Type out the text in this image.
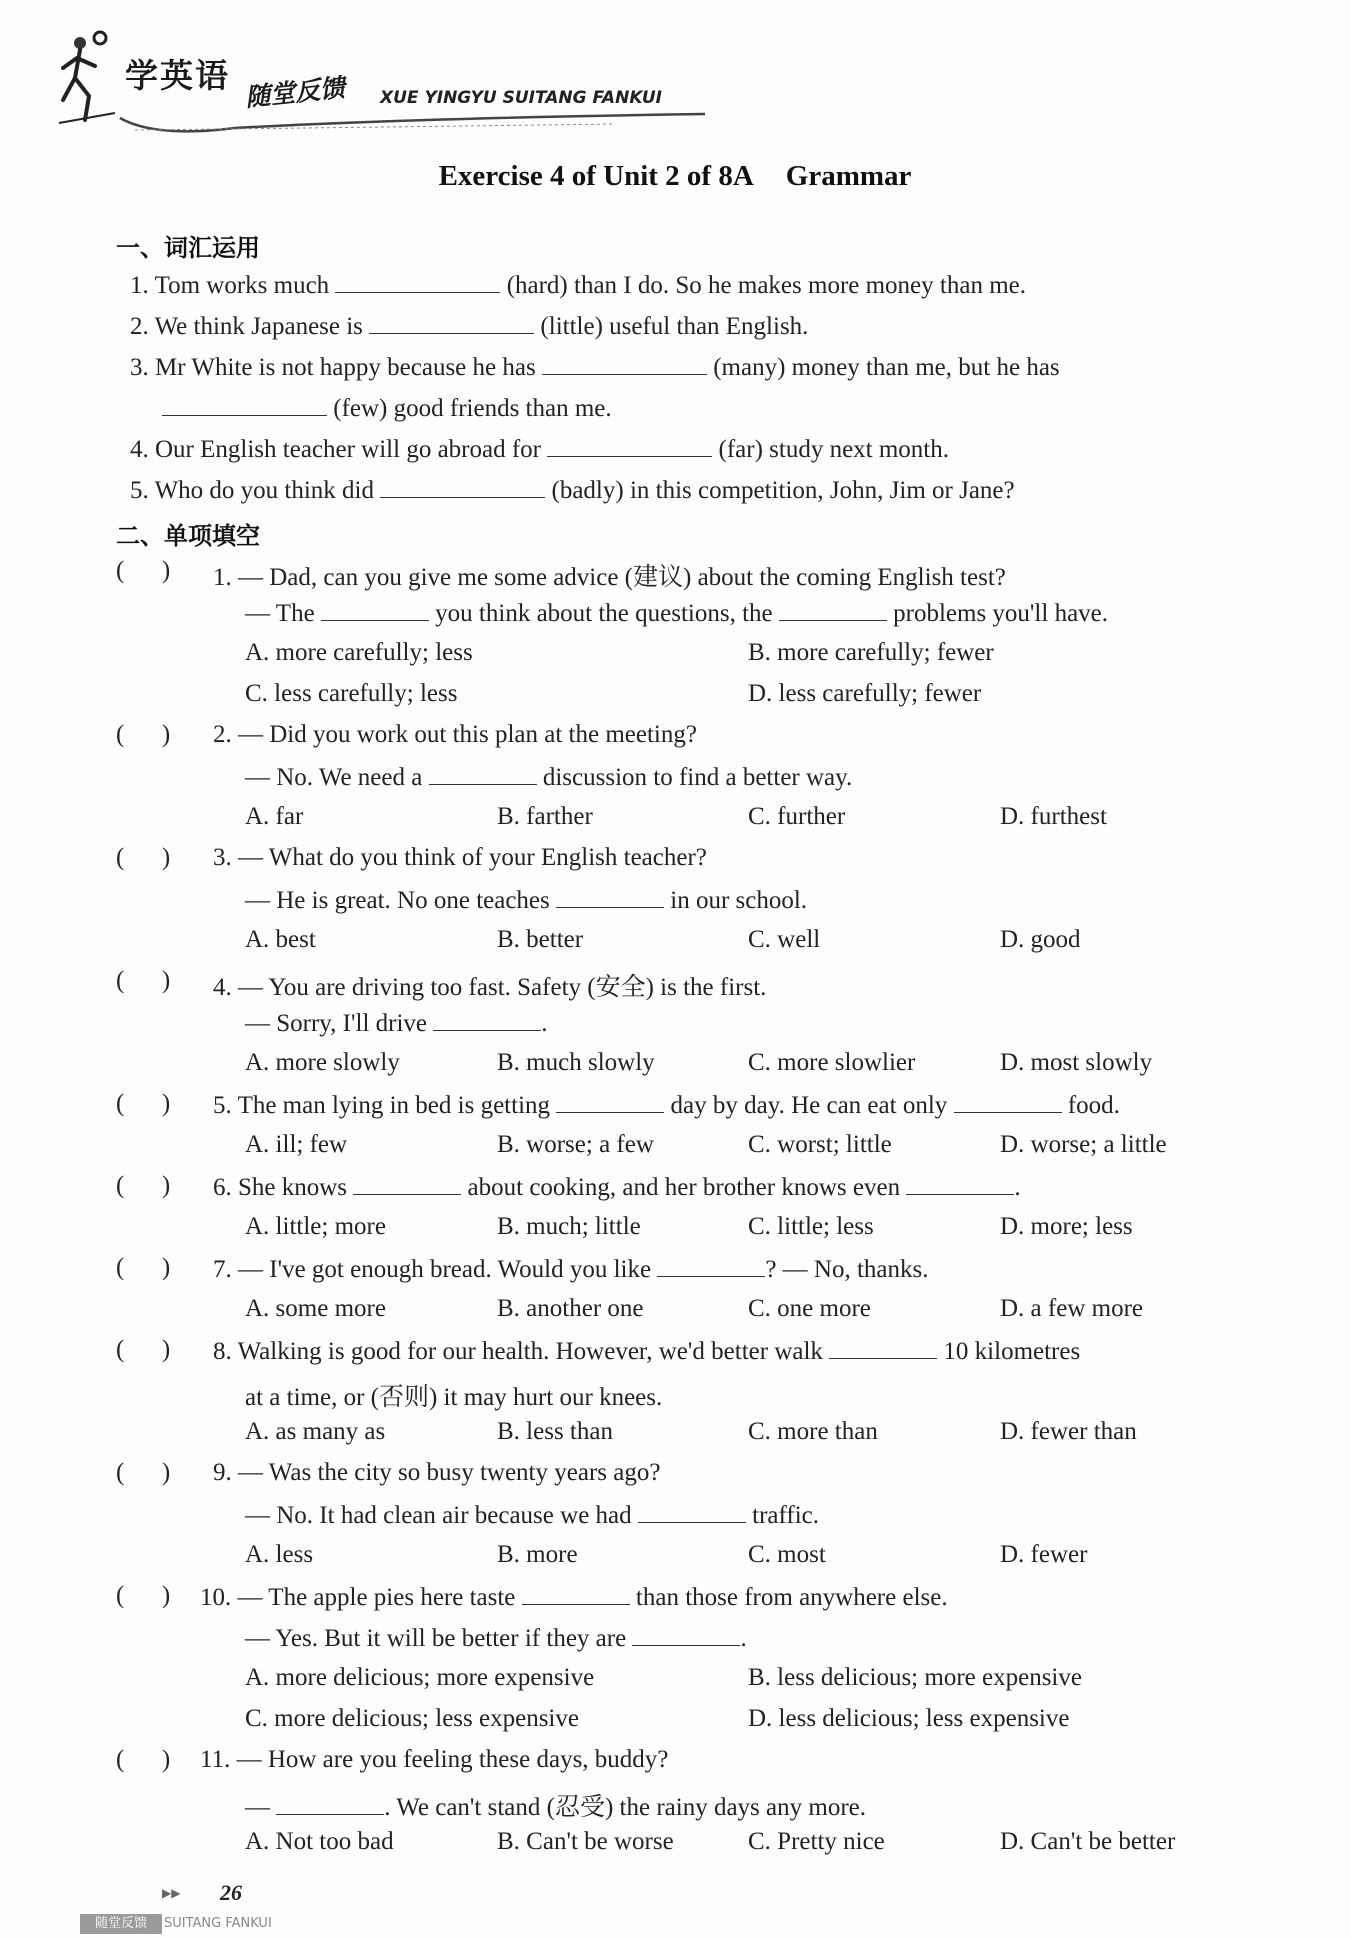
学英语 随堂反馈 XUE YINGYU SUITANG FANKUI
Exercise 4 of Unit 2 of 8A Grammar
一、词汇运用
1. Tom works much	(hard) than I do. So he makes more money than me.
2. We think Japanese is	(little) useful than English.
3. Mr White is not happy because he has	(many) money than me, but he has
(few) good friends than me.
4. Our English teacher will go abroad for	(far) study next month.
5. Who do you think did	(badly) in this competition, John, Jim or Jane?
二、单项填空
(      ) 1. — Dad, can you give me some advice (建议) about the coming English test?
— The	you think about the questions, the	problems you'll have.
A. more carefully; less	B. more carefully; fewer
C. less carefully; less	D. less carefully; fewer
(      ) 2. — Did you work out this plan at the meeting?
— No. We need a	discussion to find a better way.
A. far	B. farther	C. further	D. furthest
(      ) 3. — What do you think of your English teacher?
— He is great. No one teaches	in our school.
A. best	B. better	C. well	D. good
(      ) 4. — You are driving too fast. Safety (安全) is the first.
— Sorry, I'll drive	.
A. more slowly	B. much slowly	C. more slowlier	D. most slowly
(      ) 5. The man lying in bed is getting	day by day. He can eat only	food.
A. ill; few	B. worse; a few	C. worst; little	D. worse; a little
(      ) 6. She knows	about cooking, and her brother knows even	.
A. little; more	B. much; little	C. little; less	D. more; less
(      ) 7. — I've got enough bread. Would you like	? — No, thanks.
A. some more	B. another one	C. one more	D. a few more
(      ) 8. Walking is good for our health. However, we'd better walk	10 kilometres
at a time, or (否则) it may hurt our knees.
A. as many as	B. less than	C. more than	D. fewer than
(      ) 9. — Was the city so busy twenty years ago?
— No. It had clean air because we had	traffic.
A. less	B. more	C. most	D. fewer
(      ) 10. — The apple pies here taste	than those from anywhere else.
— Yes. But it will be better if they are	.
A. more delicious; more expensive	B. less delicious; more expensive
C. more delicious; less expensive	D. less delicious; less expensive
(      ) 11. — How are you feeling these days, buddy?
—	. We can't stand (忍受) the rainy days any more.
A. Not too bad	B. Can't be worse	C. Pretty nice	D. Can't be better
▶▶ 26
随堂反馈	SUITANG FANKUI
